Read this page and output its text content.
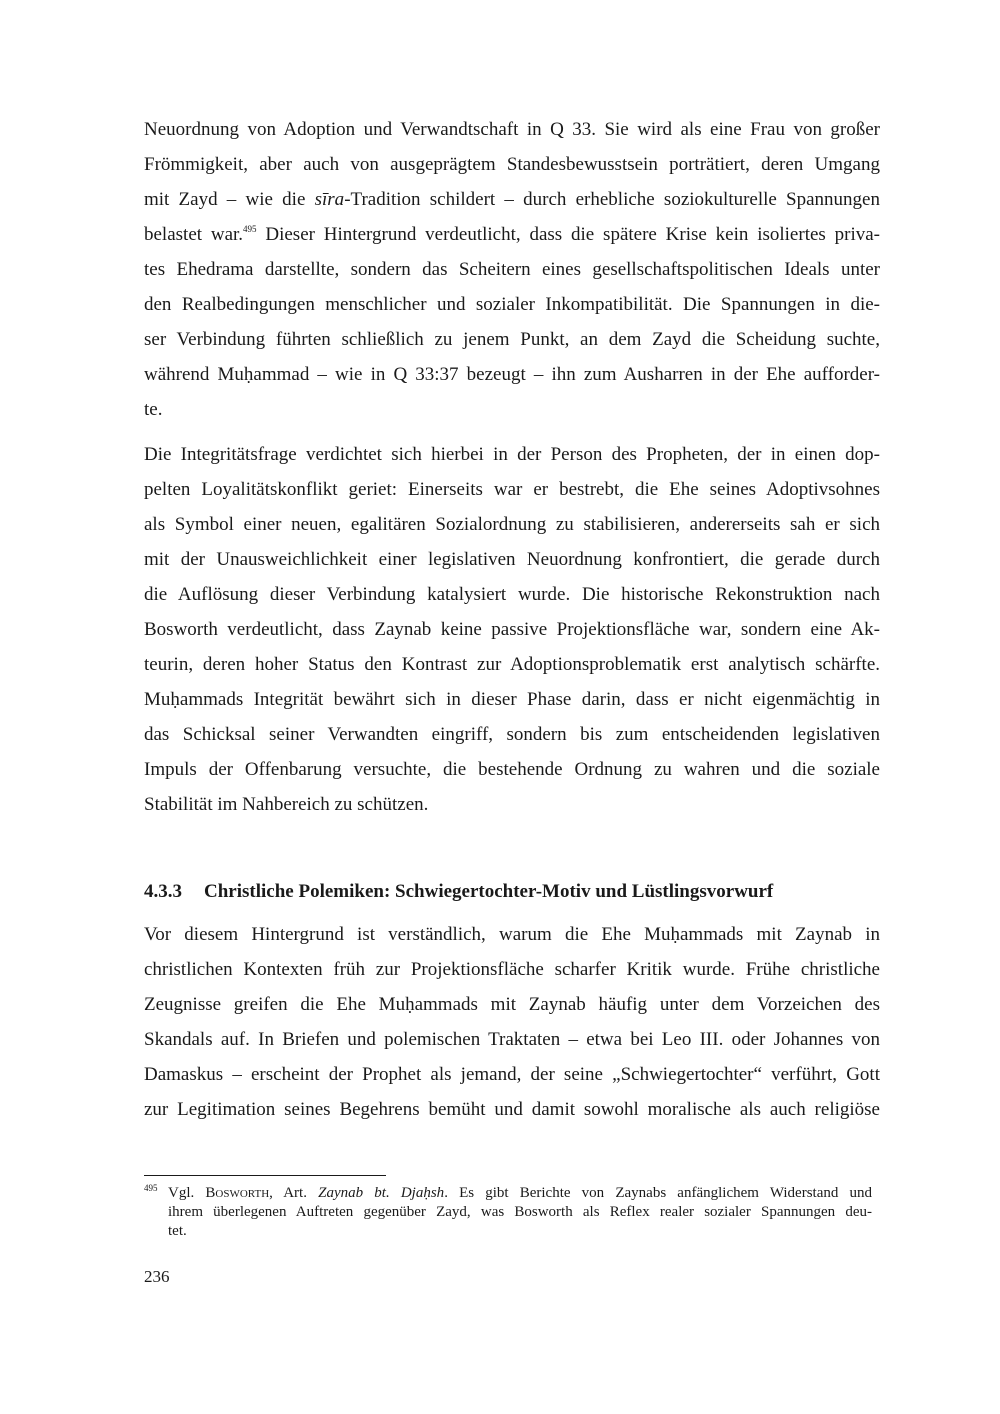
Neuordnung von Adoption und Verwandtschaft in Q 33. Sie wird als eine Frau von großer
Frömmigkeit, aber auch von ausgeprägtem Standesbewusstsein porträtiert, deren Umgang
mit Zayd – wie die sīra-Tradition schildert – durch erhebliche soziokulturelle Spannungen
belastet war.$^{495}$ Dieser Hintergrund verdeutlicht, dass die spätere Krise kein isoliertes priva-
tes Ehedrama darstellte, sondern das Scheitern eines gesellschaftspolitischen Ideals unter
den Realbedingungen menschlicher und sozialer Inkompatibilität. Die Spannungen in die-
ser Verbindung führten schließlich zu jenem Punkt, an dem Zayd die Scheidung suchte,
während Muḥammad – wie in Q 33:37 bezeugt – ihn zum Ausharren in der Ehe aufforder-
te.
Die Integritätsfrage verdichtet sich hierbei in der Person des Propheten, der in einen dop-
pelten Loyalitätskonflikt geriet: Einerseits war er bestrebt, die Ehe seines Adoptivsohnes
als Symbol einer neuen, egalitären Sozialordnung zu stabilisieren, andererseits sah er sich
mit der Unausweichlichkeit einer legislativen Neuordnung konfrontiert, die gerade durch
die Auflösung dieser Verbindung katalysiert wurde. Die historische Rekonstruktion nach
Bosworth verdeutlicht, dass Zaynab keine passive Projektionsfläche war, sondern eine Ak-
teurin, deren hoher Status den Kontrast zur Adoptionsproblematik erst analytisch schärfte.
Muḥammads Integrität bewährt sich in dieser Phase darin, dass er nicht eigenmächtig in
das Schicksal seiner Verwandten eingriff, sondern bis zum entscheidenden legislativen
Impuls der Offenbarung versuchte, die bestehende Ordnung zu wahren und die soziale
Stabilität im Nahbereich zu schützen.
4.3.3 Christliche Polemiken: Schwiegertochter-Motiv und Lüstlingsvorwurf
Vor diesem Hintergrund ist verständlich, warum die Ehe Muḥammads mit Zaynab in
christlichen Kontexten früh zur Projektionsfläche scharfer Kritik wurde. Frühe christliche
Zeugnisse greifen die Ehe Muḥammads mit Zaynab häufig unter dem Vorzeichen des
Skandals auf. In Briefen und polemischen Traktaten – etwa bei Leo III. oder Johannes von
Damaskus – erscheint der Prophet als jemand, der seine „Schwiegertochter“ verführt, Gott
zur Legitimation seines Begehrens bemüht und damit sowohl moralische als auch religiöse
495 Vgl. Bosworth, Art. Zaynab bt. Djaḥsh. Es gibt Berichte von Zaynabs anfänglichem Widerstand und
ihrem überlegenen Auftreten gegenüber Zayd, was Bosworth als Reflex realer sozialer Spannungen deu-
tet.
236
